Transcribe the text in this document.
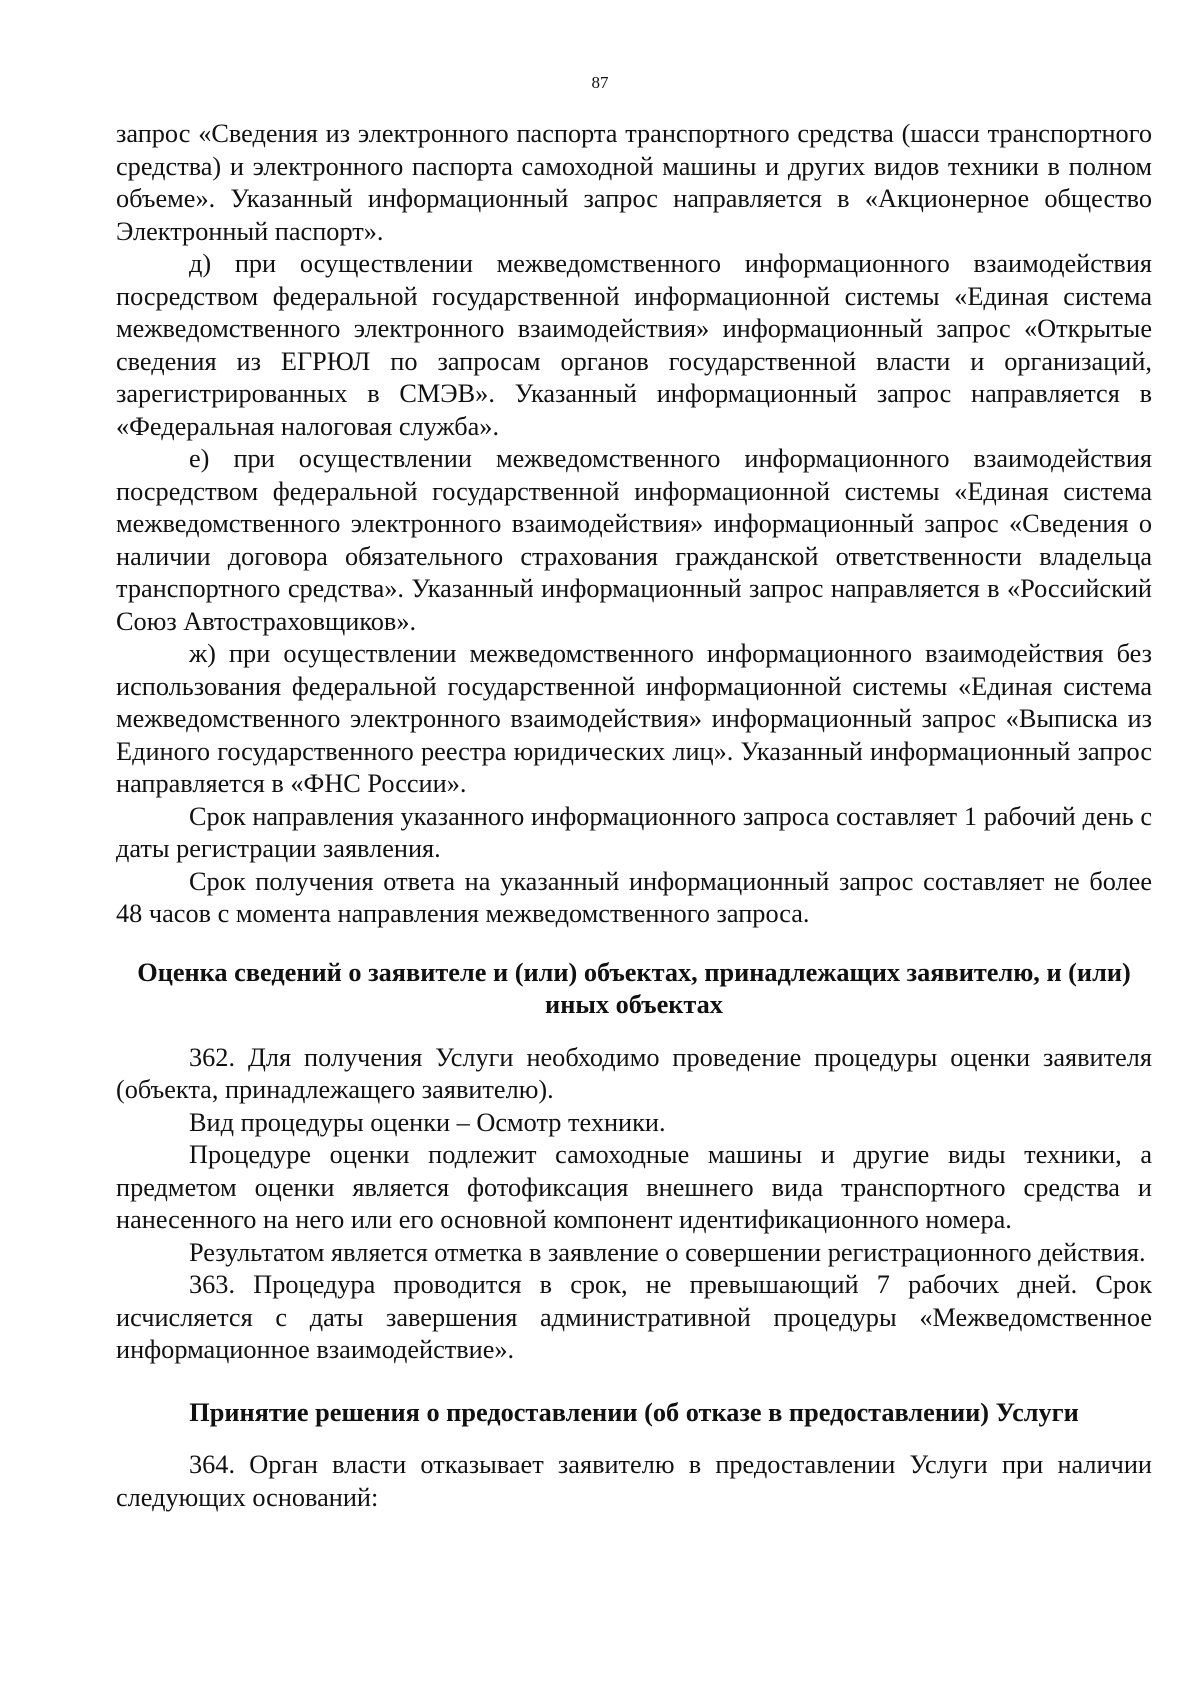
87

запрос «Сведения из электронного паспорта транспортного средства (шасси транспортного средства) и электронного паспорта самоходной машины и других видов техники в полном объеме». Указанный информационный запрос направляется в «Акционерное общество Электронный паспорт».

д) при осуществлении межведомственного информационного взаимодействия посредством федеральной государственной информационной системы «Единая система межведомственного электронного взаимодействия» информационный запрос «Открытые сведения из ЕГРЮЛ по запросам органов государственной власти и организаций, зарегистрированных в СМЭВ». Указанный информационный запрос направляется в «Федеральная налоговая служба».

е) при осуществлении межведомственного информационного взаимодействия посредством федеральной государственной информационной системы «Единая система межведомственного электронного взаимодействия» информационный запрос «Сведения о наличии договора обязательного страхования гражданской ответственности владельца транспортного средства». Указанный информационный запрос направляется в «Российский Союз Автостраховщиков».

ж) при осуществлении межведомственного информационного взаимодействия без использования федеральной государственной информационной системы «Единая система межведомственного электронного взаимодействия» информационный запрос «Выписка из Единого государственного реестра юридических лиц». Указанный информационный запрос направляется в «ФНС России».

Срок направления указанного информационного запроса составляет 1 рабочий день с даты регистрации заявления.

Срок получения ответа на указанный информационный запрос составляет не более 48 часов с момента направления межведомственного запроса.

Оценка сведений о заявителе и (или) объектах, принадлежащих заявителю, и (или) иных объектах

362. Для получения Услуги необходимо проведение процедуры оценки заявителя (объекта, принадлежащего заявителю).

Вид процедуры оценки – Осмотр техники.

Процедуре оценки подлежит самоходные машины и другие виды техники, а предметом оценки является фотофиксация внешнего вида транспортного средства и нанесенного на него или его основной компонент идентификационного номера.

Результатом является отметка в заявление о совершении регистрационного действия.

363. Процедура проводится в срок, не превышающий 7 рабочих дней. Срок исчисляется с даты завершения административной процедуры «Межведомственное информационное взаимодействие».

Принятие решения о предоставлении (об отказе в предоставлении) Услуги

364. Орган власти отказывает заявителю в предоставлении Услуги при наличии следующих оснований:
